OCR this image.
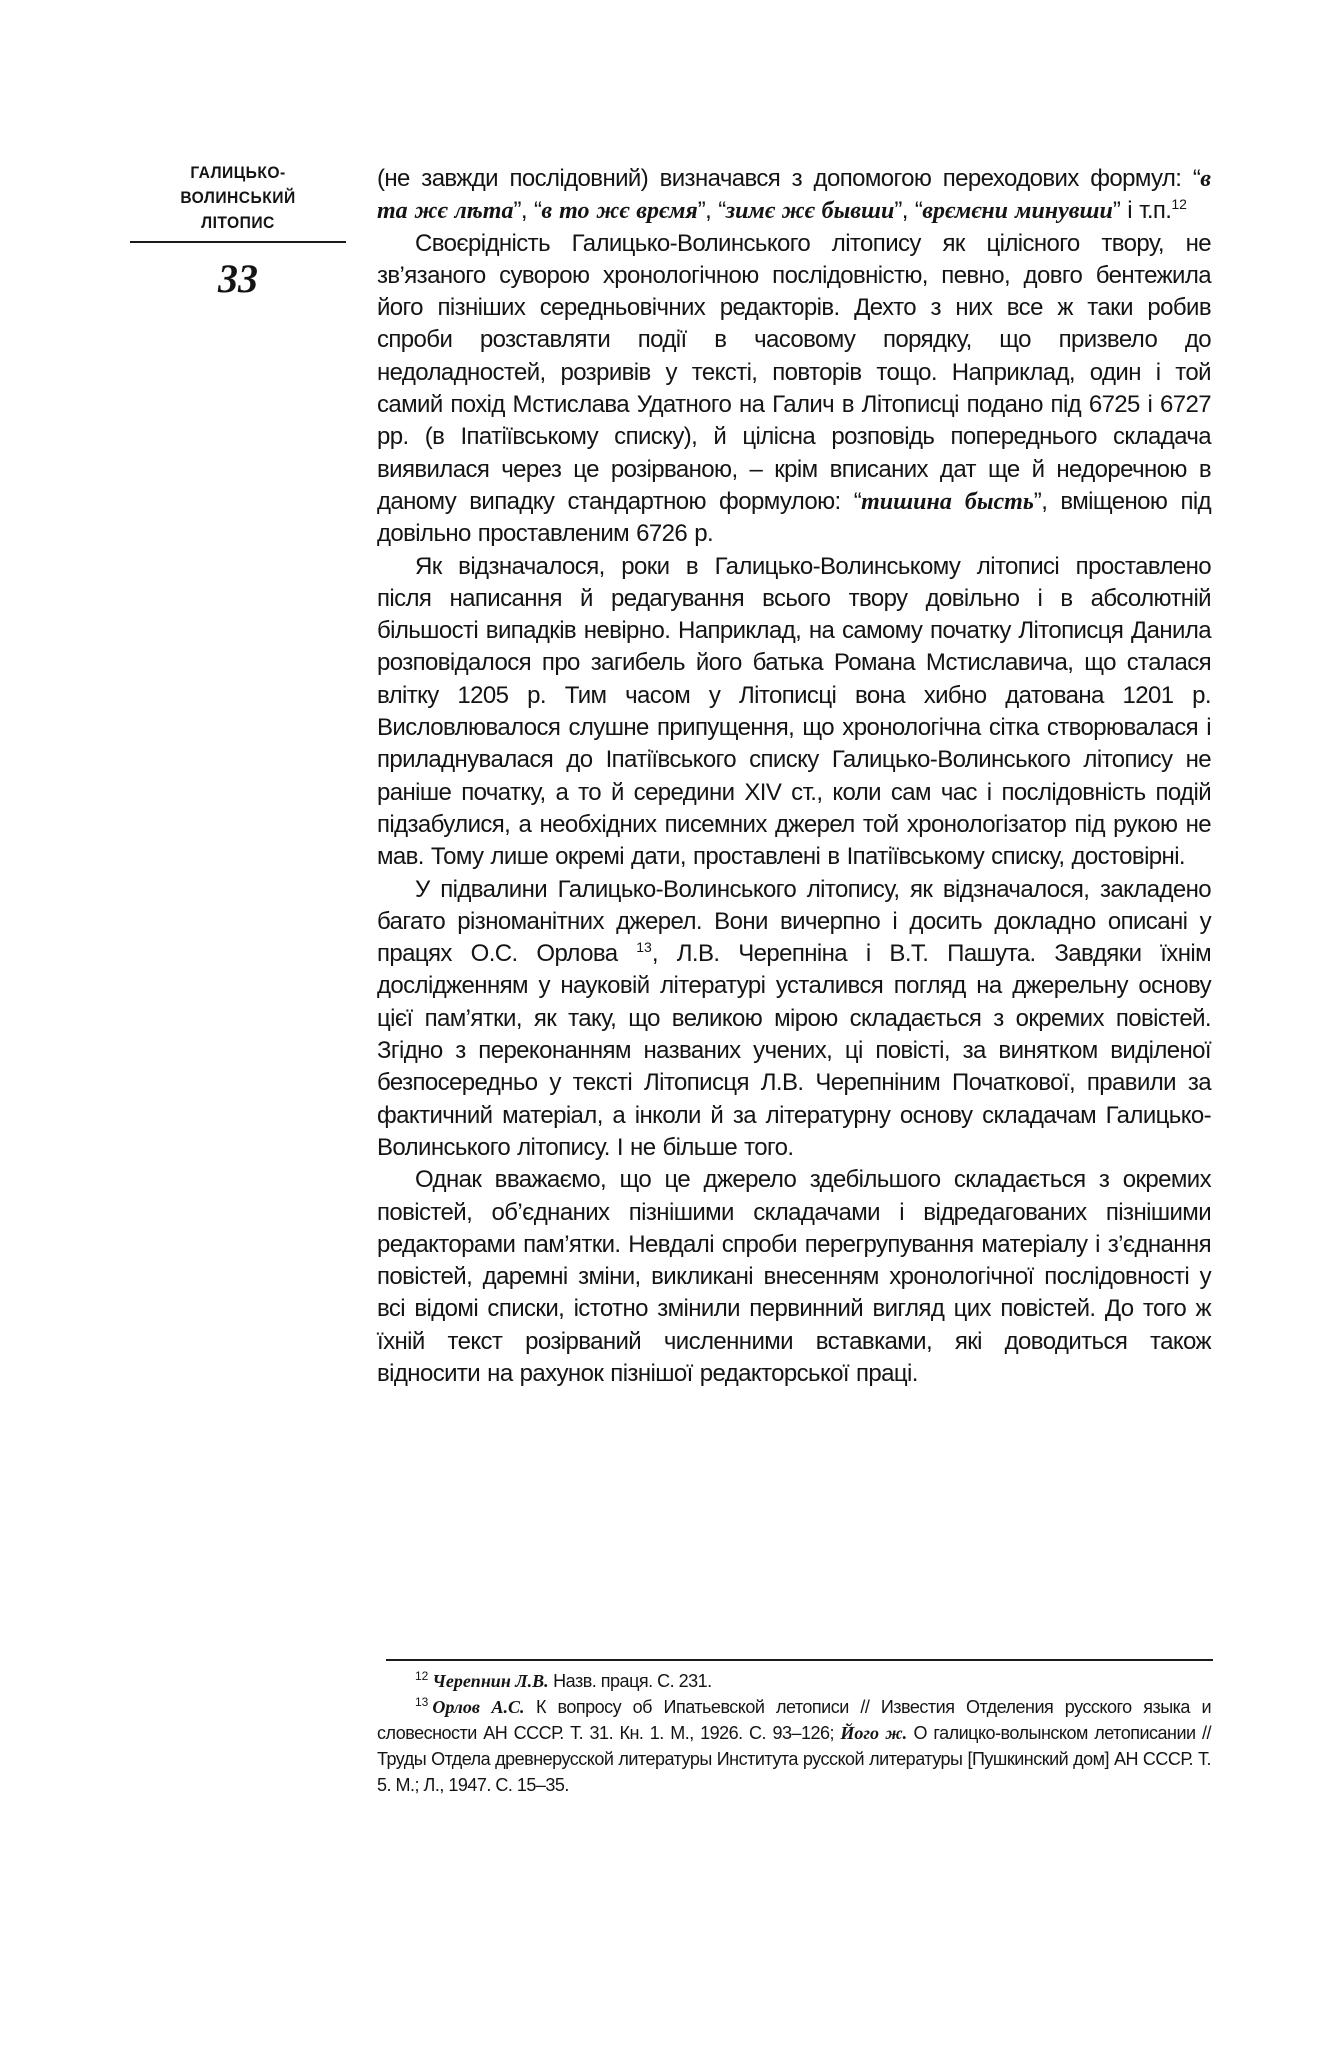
ГАЛИЦЬКО-
ВОЛИНСЬКИЙ
ЛІТОПИС
33

(не завжди послідовний) визначався з допомогою переходових формул: “в та жє лѣта”, “в то жє врємя”, “зимє жє бывши”, “врємєни минувши” і т.п.$^{12}$

Своєрідність Галицько-Волинського літопису як цілісного твору, не зв’язаного суворою хронологічною послідовністю, певно, довго бентежила його пізніших середньовічних редакторів. Дехто з них все ж таки робив спроби розставляти події в часовому порядку, що призвело до недоладностей, розривів у тексті, повторів тощо. Наприклад, один і той самий похід Мстислава Удатного на Галич в Літописці подано під 6725 і 6727 рр. (в Іпатіївському списку), й цілісна розповідь попереднього складача виявилася через це розірваною, – крім вписаних дат ще й недоречною в даному випадку стандартною формулою: “тишина бысть”, вміщеною під довільно проставленим 6726 р.

Як відзначалося, роки в Галицько-Волинському літописі проставлено після написання й редагування всього твору довільно і в абсолютній більшості випадків невірно. Наприклад, на самому початку Літописця Данила розповідалося про загибель його батька Романа Мстиславича, що сталася влітку 1205 р. Тим часом у Літописці вона хибно датована 1201 р. Висловлювалося слушне припущення, що хронологічна сітка створювалася і приладнувалася до Іпатіївського списку Галицько-Волинського літопису не раніше початку, а то й середини XIV ст., коли сам час і послідовність подій підзабулися, а необхідних писемних джерел той хронологізатор під рукою не мав. Тому лише окремі дати, проставлені в Іпатіївському списку, достовірні.

У підвалини Галицько-Волинського літопису, як відзначалося, закладено багато різноманітних джерел. Вони вичерпно і досить докладно описані у працях О.С. Орлова $^{13}$, Л.В. Черепніна і В.Т. Пашута. Завдяки їхнім дослідженням у науковій літературі усталився погляд на джерельну основу цієї пам’ятки, як таку, що великою мірою складається з окремих повістей. Згідно з переконанням названих учених, ці повісті, за винятком виділеної безпосередньо у тексті Літописця Л.В. Черепніним Початкової, правили за фактичний матеріал, а інколи й за літературну основу складачам Галицько-Волинського літопису. І не більше того.

Однак вважаємо, що це джерело здебільшого складається з окремих повістей, об’єднаних пізнішими складачами і відредагованих пізнішими редакторами пам’ятки. Невдалі спроби перегрупування матеріалу і з’єднання повістей, даремні зміни, викликані внесенням хронологічної послідовності у всі відомі списки, істотно змінили первинний вигляд цих повістей. До того ж їхній текст розірваний численними вставками, які доводиться також відносити на рахунок пізнішої редакторської праці.

$^{12}$ Черепнин Л.В. Назв. праця. С. 231.

$^{13}$ Орлов А.С. К вопросу об Ипатьевской летописи // Известия Отделения русского языка и словесности АН СССР. Т. 31. Кн. 1. М., 1926. С. 93–126; Його ж. О галицко-волынском летописании // Труды Отдела древнерусской литературы Института русской литературы [Пушкинский дом] АН СССР. Т. 5. М.; Л., 1947. С. 15–35.
